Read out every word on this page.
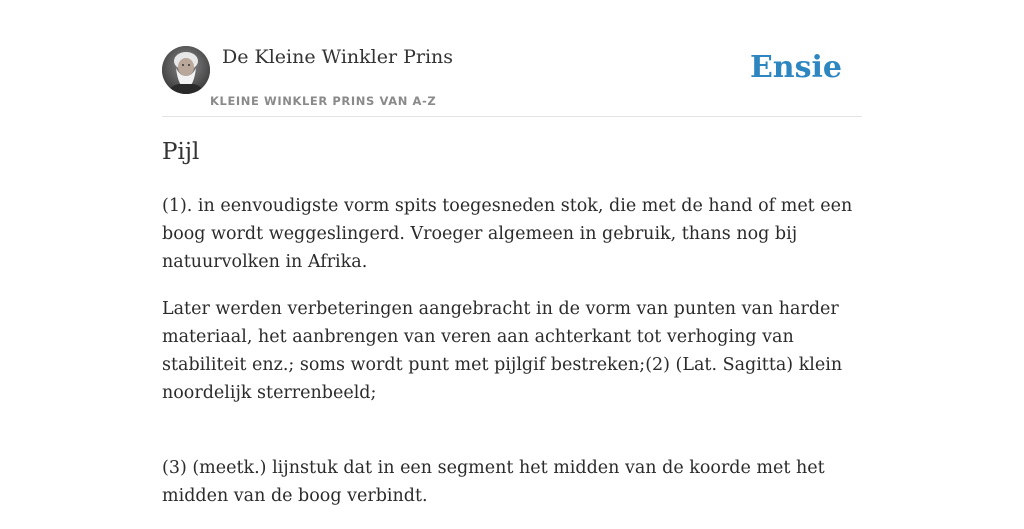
De Kleine Winkler Prins
KLEINE WINKLER PRINS VAN A-Z
Ensie
Pijl

(1). in eenvoudigste vorm spits toegesneden stok, die met de hand of met een boog wordt weggeslingerd. Vroeger algemeen in gebruik, thans nog bij natuurvolken in Afrika.

Later werden verbeteringen aangebracht in de vorm van punten van harder materiaal, het aanbrengen van veren aan achterkant tot verhoging van stabiliteit enz.; soms wordt punt met pijlgif bestreken;(2) (Lat. Sagitta) klein noordelijk sterrenbeeld;

(3) (meetk.) lijnstuk dat in een segment het midden van de koorde met het midden van de boog verbindt.
